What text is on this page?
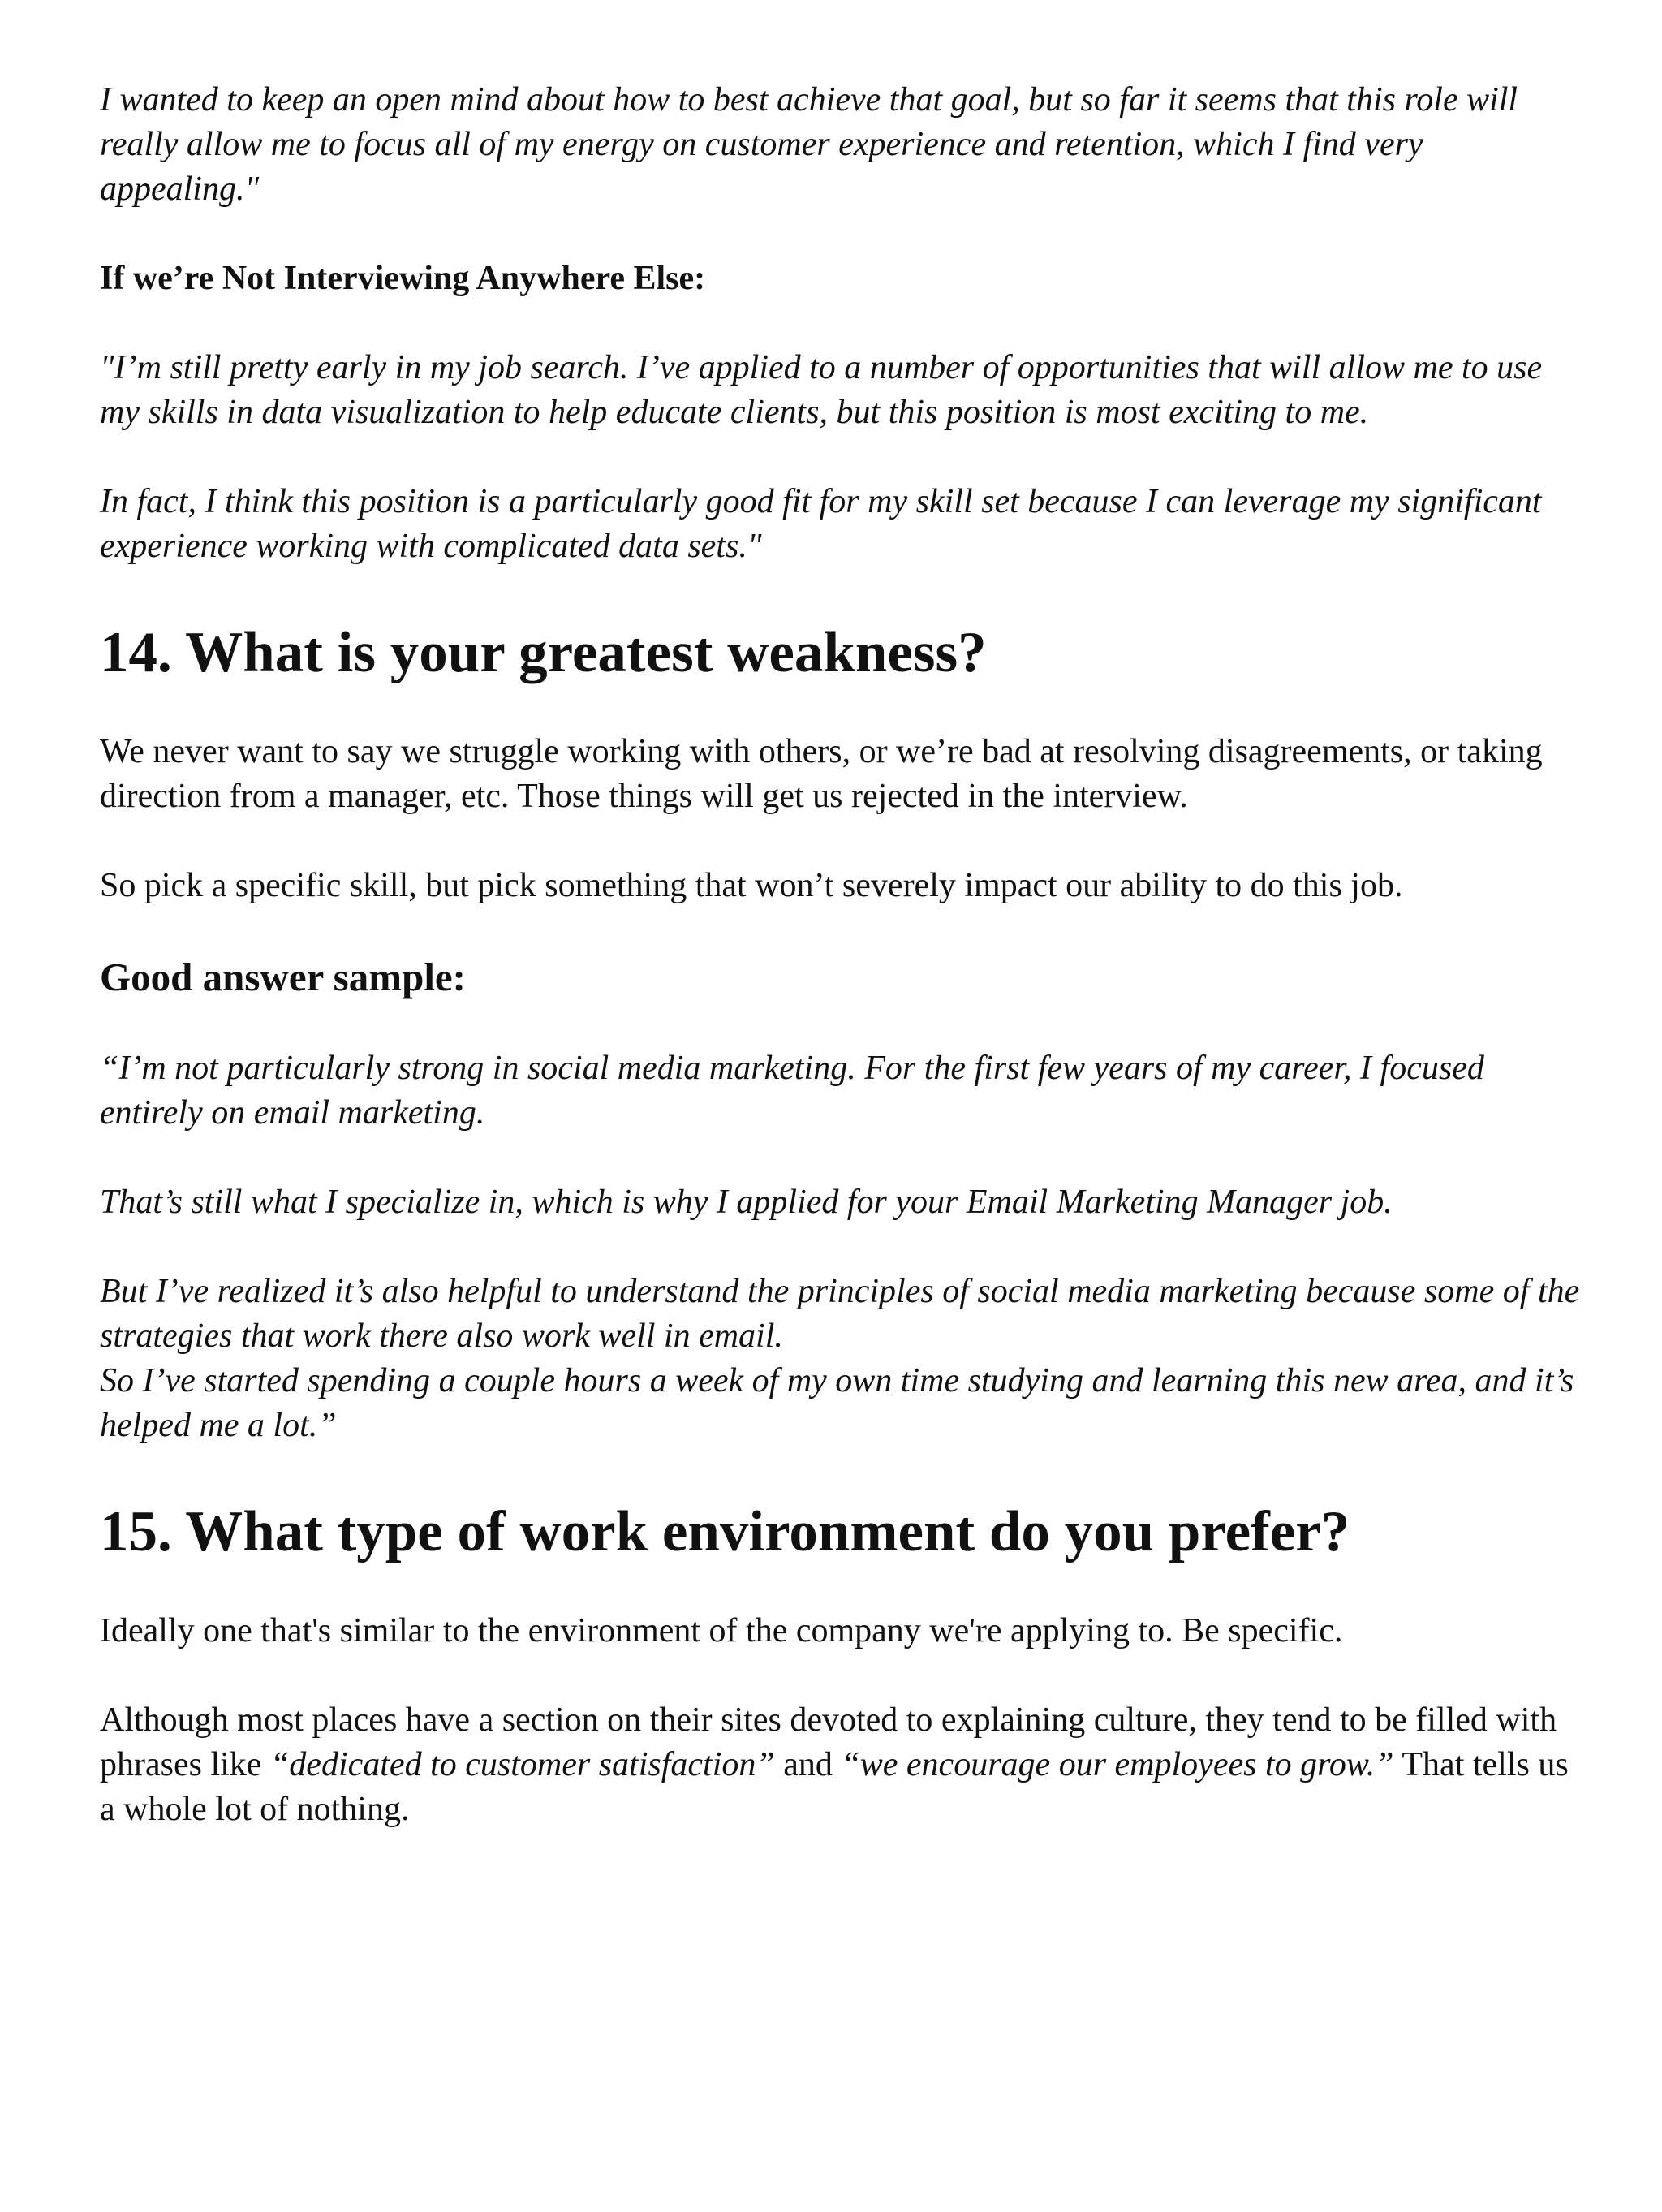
I wanted to keep an open mind about how to best achieve that goal, but so far it seems that this role will really allow me to focus all of my energy on customer experience and retention, which I find very appealing."

If we’re Not Interviewing Anywhere Else:

"I’m still pretty early in my job search. I’ve applied to a number of opportunities that will allow me to use my skills in data visualization to help educate clients, but this position is most exciting to me.

In fact, I think this position is a particularly good fit for my skill set because I can leverage my significant experience working with complicated data sets."

14. What is your greatest weakness?

We never want to say we struggle working with others, or we’re bad at resolving disagreements, or taking direction from a manager, etc. Those things will get us rejected in the interview.

So pick a specific skill, but pick something that won’t severely impact our ability to do this job.

Good answer sample:

“I’m not particularly strong in social media marketing. For the first few years of my career, I focused entirely on email marketing.

That’s still what I specialize in, which is why I applied for your Email Marketing Manager job.

But I’ve realized it’s also helpful to understand the principles of social media marketing because some of the strategies that work there also work well in email.

So I’ve started spending a couple hours a week of my own time studying and learning this new area, and it’s helped me a lot.”

15. What type of work environment do you prefer?

Ideally one that's similar to the environment of the company we're applying to. Be specific.

Although most places have a section on their sites devoted to explaining culture, they tend to be filled with phrases like “dedicated to customer satisfaction” and “we encourage our employees to grow.” That tells us a whole lot of nothing.
